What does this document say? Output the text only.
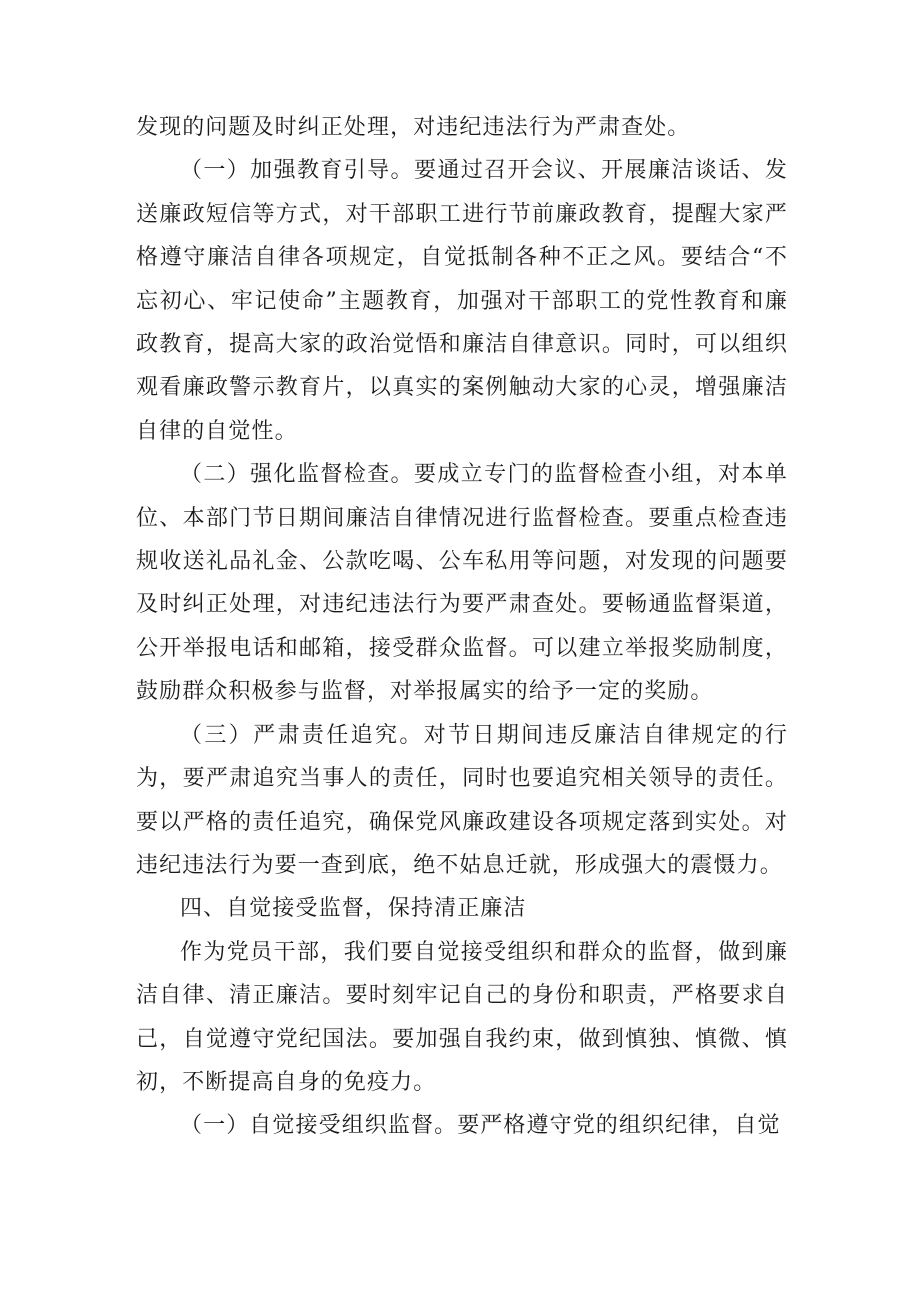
发现的问题及时纠正处理，对违纪违法行为严肃查处。

（一）加强教育引导。要通过召开会议、开展廉洁谈话、发送廉政短信等方式，对干部职工进行节前廉政教育，提醒大家严格遵守廉洁自律各项规定，自觉抵制各种不正之风。要结合“不忘初心、牢记使命”主题教育，加强对干部职工的党性教育和廉政教育，提高大家的政治觉悟和廉洁自律意识。同时，可以组织观看廉政警示教育片，以真实的案例触动大家的心灵，增强廉洁自律的自觉性。

（二）强化监督检查。要成立专门的监督检查小组，对本单位、本部门节日期间廉洁自律情况进行监督检查。要重点检查违规收送礼品礼金、公款吃喝、公车私用等问题，对发现的问题要及时纠正处理，对违纪违法行为要严肃查处。要畅通监督渠道，公开举报电话和邮箱，接受群众监督。可以建立举报奖励制度，鼓励群众积极参与监督，对举报属实的给予一定的奖励。

（三）严肃责任追究。对节日期间违反廉洁自律规定的行为，要严肃追究当事人的责任，同时也要追究相关领导的责任。要以严格的责任追究，确保党风廉政建设各项规定落到实处。对违纪违法行为要一查到底，绝不姑息迁就，形成强大的震慑力。

四、自觉接受监督，保持清正廉洁

作为党员干部，我们要自觉接受组织和群众的监督，做到廉洁自律、清正廉洁。要时刻牢记自己的身份和职责，严格要求自己，自觉遵守党纪国法。要加强自我约束，做到慎独、慎微、慎初，不断提高自身的免疫力。

（一）自觉接受组织监督。要严格遵守党的组织纪律，自觉
